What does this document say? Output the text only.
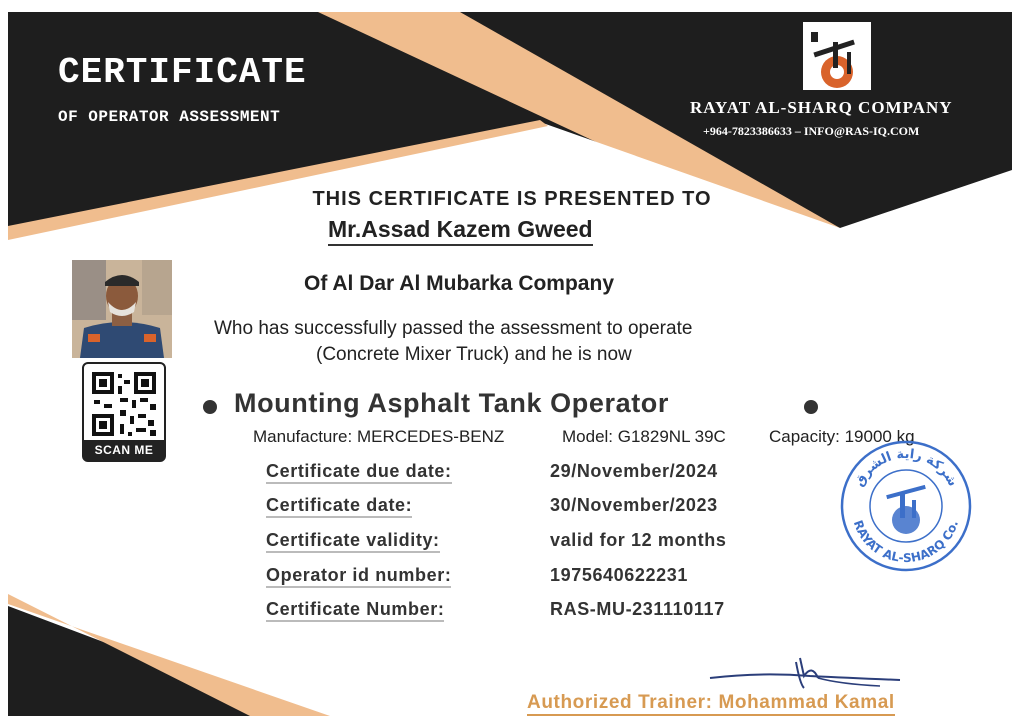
CERTIFICATE
OF OPERATOR ASSESSMENT	RAYAT AL-SHARQ COMPANY
+964-7823386633 – INFO@RAS-IQ.COM
THIS CERTIFICATE IS PRESENTED TO
Mr.Assad Kazem Gweed
Of Al Dar Al Mubarka Company
Who has successfully passed the assessment to operate
(Concrete Mixer Truck) and he is now
SCAN ME
Mounting Asphalt Tank Operator
Manufacture: MERCEDES-BENZ	Model: G1829NL 39C	Capacity: 19000 kg
Certificate due date:	29/November/2024
Certificate date:	30/November/2023
Certificate validity:	valid for 12 months
Operator id number:	1975640622231
Certificate Number:	RAS-MU-231110117
شركة راية الشرق
RAYAT AL-SHARQ Co.
Authorized Trainer: Mohammad Kamal
